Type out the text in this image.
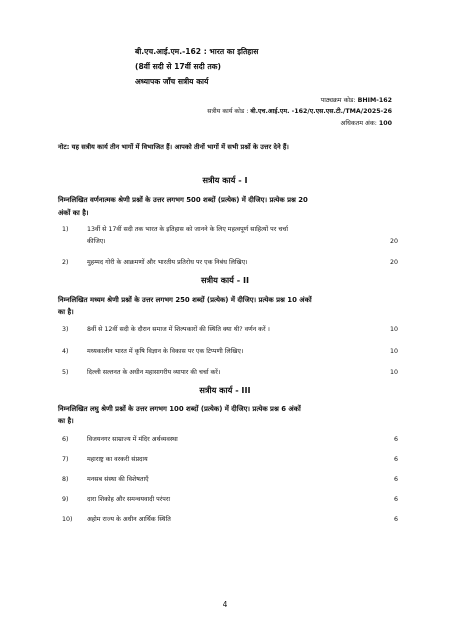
बी.एच.आई.एम.-162 : भारत का इतिहास
(8वीं सदी से 17वीं सदी तक)
अध्यापक जाँच सत्रीय कार्य
पाठ्यक्रम कोड: BHIM-162
सत्रीय कार्य कोड : बी.एच.आई.एम. -162/ए.एस.एस.टी./TMA/2025-26
अधिकतम अंक: 100
नोट: यह सत्रीय कार्य तीन भागों में विभाजित हैं। आपको तीनों भागों में सभी प्रश्नों के उत्तर देने हैं।
सत्रीय कार्य - I
निम्नलिखित वर्णनात्मक श्रेणी प्रश्नों के उत्तर लगभग 500 शब्दों (प्रत्येक) में दीजिए। प्रत्येक प्रश्न 20
अंकों का है।
1)	13वीं से 17वीं सदी तक भारत के इतिहास को जानने के लिए महत्वपूर्ण साहित्यों पर चर्चा
कीजिए।	20
2)	मुहम्मद गोरी के आक्रमणों और भारतीय प्रतिरोध पर एक निबंध लिखिए।	20
सत्रीय कार्य - II
निम्नलिखित मध्यम श्रेणी प्रश्नों के उत्तर लगभग 250 शब्दों (प्रत्येक) में दीजिए। प्रत्येक प्रश्न 10 अंकों
का है।
3)	8वीं से 12वीं सदी के दौरान समाज में शिल्पकारों की स्थिति क्या थी? वर्णन करें ।	10
4)	मध्यकालीन भारत में कृषि विज्ञान के विकास पर एक टिप्पणी लिखिए।	10
5)	दिल्ली सल्तनत के अधीन महासागरीय व्यापार की चर्चा करें।	10
सत्रीय कार्य - III
निम्नलिखित लघु श्रेणी प्रश्नों के उत्तर लगभग 100 शब्दों (प्रत्येक) में दीजिए। प्रत्येक प्रश्न 6 अंकों
का है।
6)	विजयनगर साम्राज्य में मंदिर अर्थव्यवस्था	6
7)	महाराष्ट्र का वरकरी संप्रदाय	6
8)	मनसब संस्था की विशेषताएँ	6
9)	दारा शिकोह और समन्वयवादी परंपरा	6
10) अहोम राज्य के अधीन आर्थिक स्थिति	6
4
